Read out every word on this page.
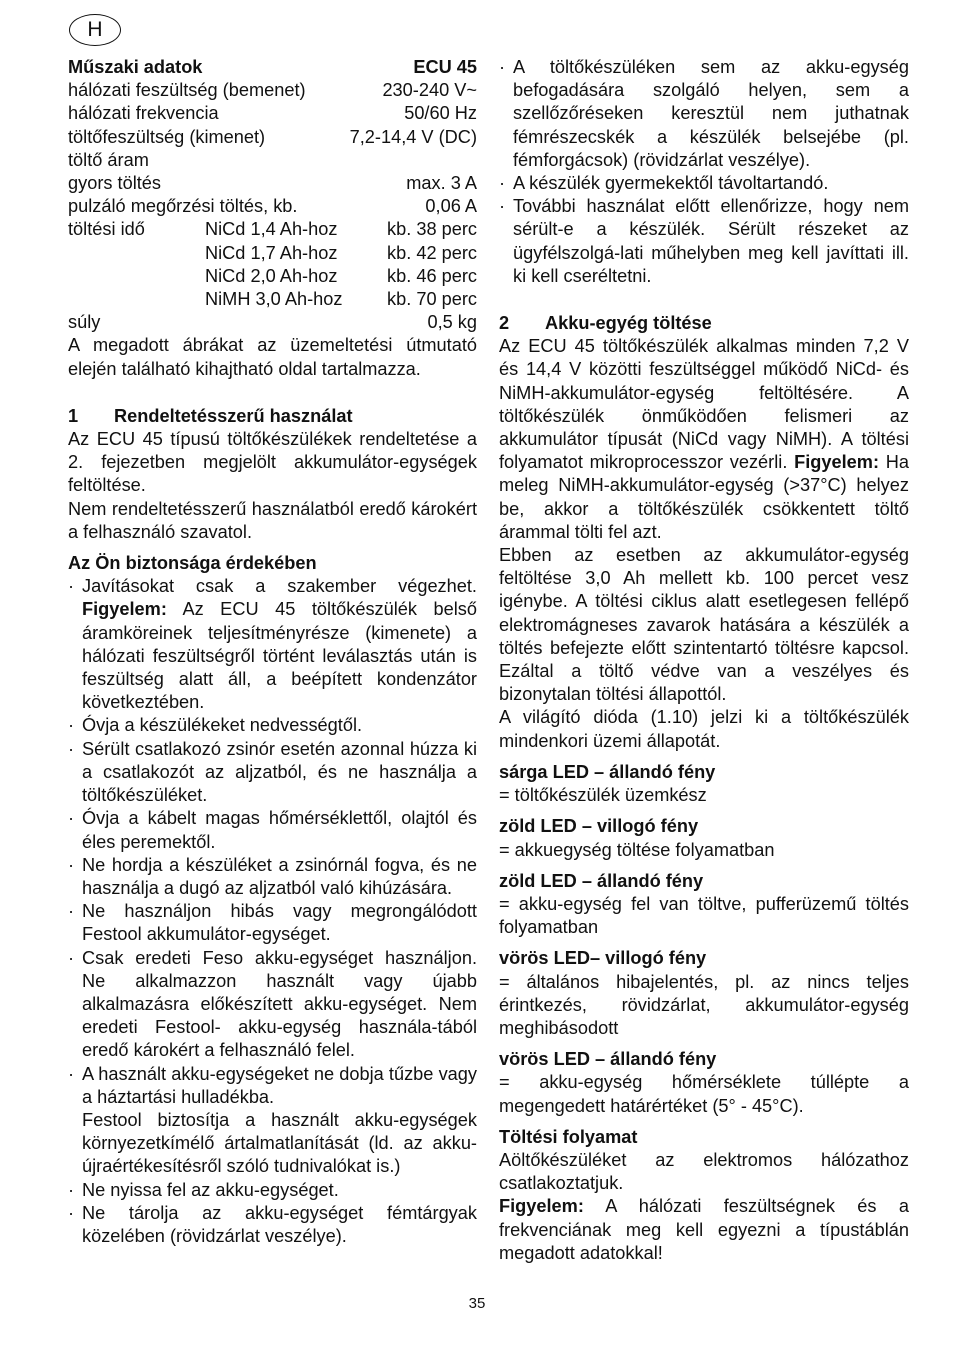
H
Műszaki adatok	ECU 45
hálózati feszültség (bemenet)	230-240 V~
hálózati frekvencia	50/60 Hz
töltőfeszültség (kimenet)	7,2-14,4 V (DC)
töltő áram
gyors töltés	max. 3 A
pulzáló megőrzési töltés, kb.	0,06 A
töltési idő	NiCd 1,4 Ah-hoz	kb. 38 perc
NiCd 1,7 Ah-hoz	kb. 42 perc
NiCd 2,0 Ah-hoz	kb. 46 perc
NiMH 3,0 Ah-hoz kb. 70 perc
súly	0,5 kg

A megadott ábrákat az üzemeltetési útmutató elején található kihajtható oldal tartalmazza.

1	Rendeltetésszerű használat

Az ECU 45 típusú töltőkészülékek rendeltetése a 2. fejezetben megjelölt akkumulátor-egységek feltöltése.

Nem rendeltetésszerű használatból eredő károkért a felhasználó szavatol.

Az Ön biztonsága érdekében
· Javításokat csak a szakember végezhet. Figyelem: Az ECU 45 töltőkészülék belső áramköreinek teljesítményrésze (kimenete) a hálózati feszültségről történt leválasztás után is feszültség alatt áll, a beépített kondenzátor következtében.
· Óvja a készülékeket nedvességtől.
· Sérült csatlakozó zsinór esetén azonnal húzza ki a csatlakozót az aljzatból, és ne használja a töltőkészüléket.
· Óvja a kábelt magas hőmérséklettől, olajtól és éles peremektől.
· Ne hordja a készüléket a zsinórnál fogva, és ne használja a dugó az aljzatból való kihúzására.
· Ne használjon hibás vagy megrongálódott Festool akkumulátor-egységet.
· Csak eredeti Feso akku-egységet használjon. Ne alkalmazzon használt vagy újabb alkalmazásra előkészített akku-egységet. Nem eredeti Festool- akku-egység használa-tából eredő károkért a felhasználó felel.
· A használt akku-egységeket ne dobja tűzbe vagy a háztartási hulladékba.
Festool biztosítja a használt akku-egységek környezetkímélő ártalmatlanítását (ld. az akku-újraértékesítésről szóló tudnivalókat is.)
· Ne nyissa fel az akku-egységet.
· Ne tárolja az akku-egységet fémtárgyak közelében (rövidzárlat veszélye).
· A töltőkészüléken sem az akku-egység befogadására szolgáló helyen, sem a szellőzőréseken keresztül nem juthatnak fémrészecskék a készülék belsejébe (pl. fémforgácsok) (rövidzárlat veszélye).
· A készülék gyermekektől távoltartandó.
· További használat előtt ellenőrizze, hogy nem sérült-e a készülék. Sérült részeket az ügyfélszolgá-lati műhelyben meg kell javíttati ill. ki kell cseréltetni.
2	Akku-egyég töltése

Az ECU 45 töltőkészülék alkalmas minden 7,2 V és 14,4 V közötti feszültséggel működő NiCd- és NiMH-akkumulátor-egység feltöltésére. A töltőkészülék önműködően felismeri az akkumulátor típusát (NiCd vagy NiMH). A töltési folyamatot mikroprocesszor vezérli. Figyelem: Ha meleg NiMH-akkumulátor-egység (>37°C) helyez be, akkor a töltőkészülék csökkentett töltő árammal tölti fel azt.

Ebben az esetben az akkumulátor-egység feltöltése 3,0 Ah mellett kb. 100 percet vesz igénybe. A töltési ciklus alatt esetlegesen fellépő elektromágneses zavarok hatására a készülék a töltés befejezte előtt szintentartó töltésre kapcsol. Ezáltal a töltő védve van a veszélyes és bizonytalan töltési állapottól.

A világító dióda (1.10) jelzi ki a töltőkészülék mindenkori üzemi állapotát.

sárga LED – állandó fény
= töltőkészülék üzemkész
zöld LED – villogó fény
= akkuegység töltése folyamatban
zöld LED – állandó fény
= akku-egység fel van töltve, pufferüzemű töltés folyamatban
vörös LED– villogó fény
= általános hibajelentés, pl. az nincs teljes érintkezés, rövidzárlat, akkumulátor-egység meghibásodott
vörös LED – állandó fény
= akku-egység hőmérséklete túllépte a megengedett határértéket (5° - 45°C).
Töltési folyamat

Aöltőkészüléket az elektromos hálózathoz csatlakoztatjuk.

Figyelem: A hálózati feszültségnek és a frekvenciának meg kell egyezni a típustáblán megadott adatokkal!

35
